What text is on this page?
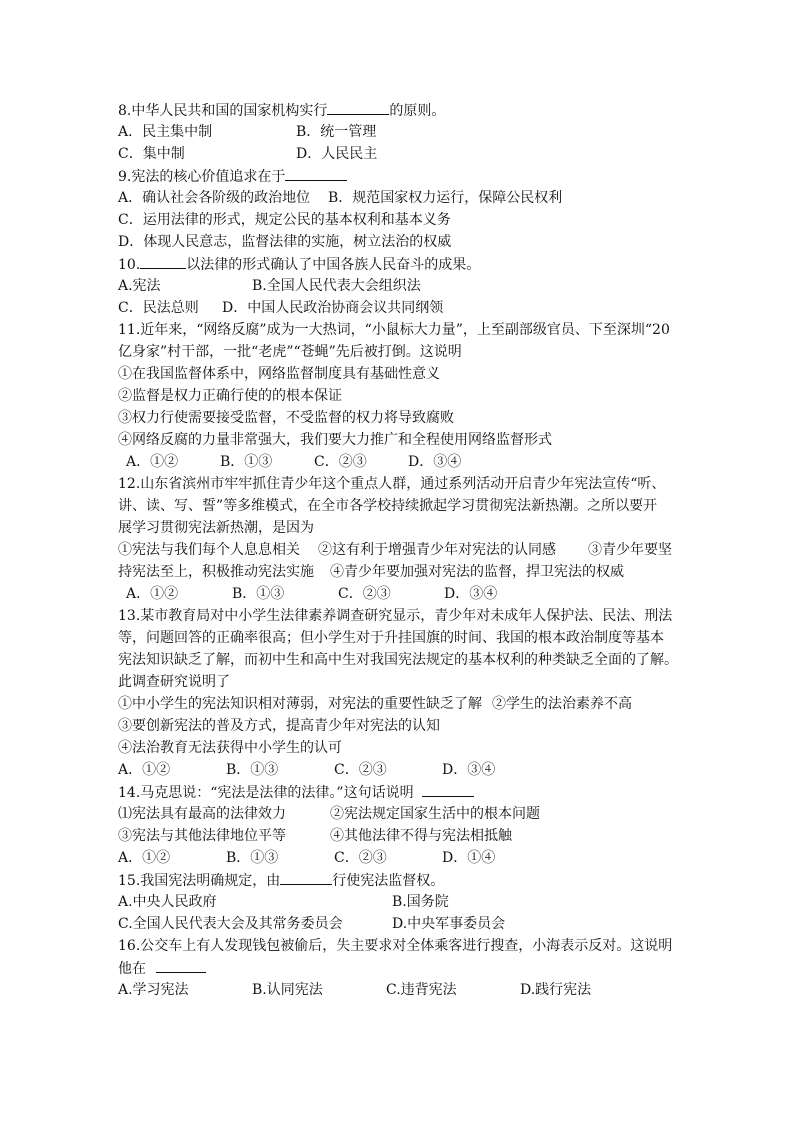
8.中华人民共和国的国家机构实行	的原则。

A．民主集中制	B．统一管理

C．集中制	D．人民民主

9.宪法的核心价值追求在于

A．确认社会各阶级的政治地位 B．规范国家权力运行，保障公民权利

C．运用法律的形式，规定公民的基本权利和基本义务

D．体现人民意志，监督法律的实施，树立法治的权威

10.	以法律的形式确认了中国各族人民奋斗的成果。

A.宪法	B.全国人民代表大会组织法

C．民法总则 D．中国人民政治协商会议共同纲领

11.近年来，“网络反腐”成为一大热词，“小鼠标大力量”，上至副部级官员、下至深圳“20

亿身家”村干部，一批“老虎”“苍蝇”先后被打倒。这说明

①在我国监督体系中，网络监督制度具有基础性意义

②监督是权力正确行使的的根本保证

③权力行使需要接受监督，不受监督的权力将导致腐败

④网络反腐的力量非常强大，我们要大力推广和全程使用网络监督形式

A．①②	B．①③	C．②③	D．③④

12.山东省滨州市牢牢抓住青少年这个重点人群，通过系列活动开启青少年宪法宣传“听、

讲、读、写、誓”等多维模式，在全市各学校持续掀起学习贯彻宪法新热潮。之所以要开

展学习贯彻宪法新热潮，是因为

①宪法与我们每个人息息相关 ②这有利于增强青少年对宪法的认同感 ③青少年要坚

持宪法至上，积极推动宪法实施 ④青少年要加强对宪法的监督，捍卫宪法的权威

A．①②	B．①③	C．②③	D．③④

13.某市教育局对中小学生法律素养调查研究显示，青少年对未成年人保护法、民法、刑法

等，问题回答的正确率很高；但小学生对于升挂国旗的时间、我国的根本政治制度等基本

宪法知识缺乏了解，而初中生和高中生对我国宪法规定的基本权利的种类缺乏全面的了解。

此调查研究说明了

①中小学生的宪法知识相对薄弱，对宪法的重要性缺乏了解 ②学生的法治素养不高

③要创新宪法的普及方式，提高青少年对宪法的认知

④法治教育无法获得中小学生的认可

A．①②	B．①③	C．②③	D．③④

14.马克思说：“宪法是法律的法律。”这句话说明

⑴宪法具有最高的法律效力	②宪法规定国家生活中的根本问题

③宪法与其他法律地位平等	④其他法律不得与宪法相抵触

A．①②	B．①③	C．②③	D．①④

15.我国宪法明确规定，由	行使宪法监督权。

A.中央人民政府	B.国务院

C.全国人民代表大会及其常务委员会	D.中央军事委员会

16.公交车上有人发现钱包被偷后，失主要求对全体乘客进行搜查，小海表示反对。这说明

他在

A.学习宪法	B.认同宪法	C.违背宪法	D.践行宪法
